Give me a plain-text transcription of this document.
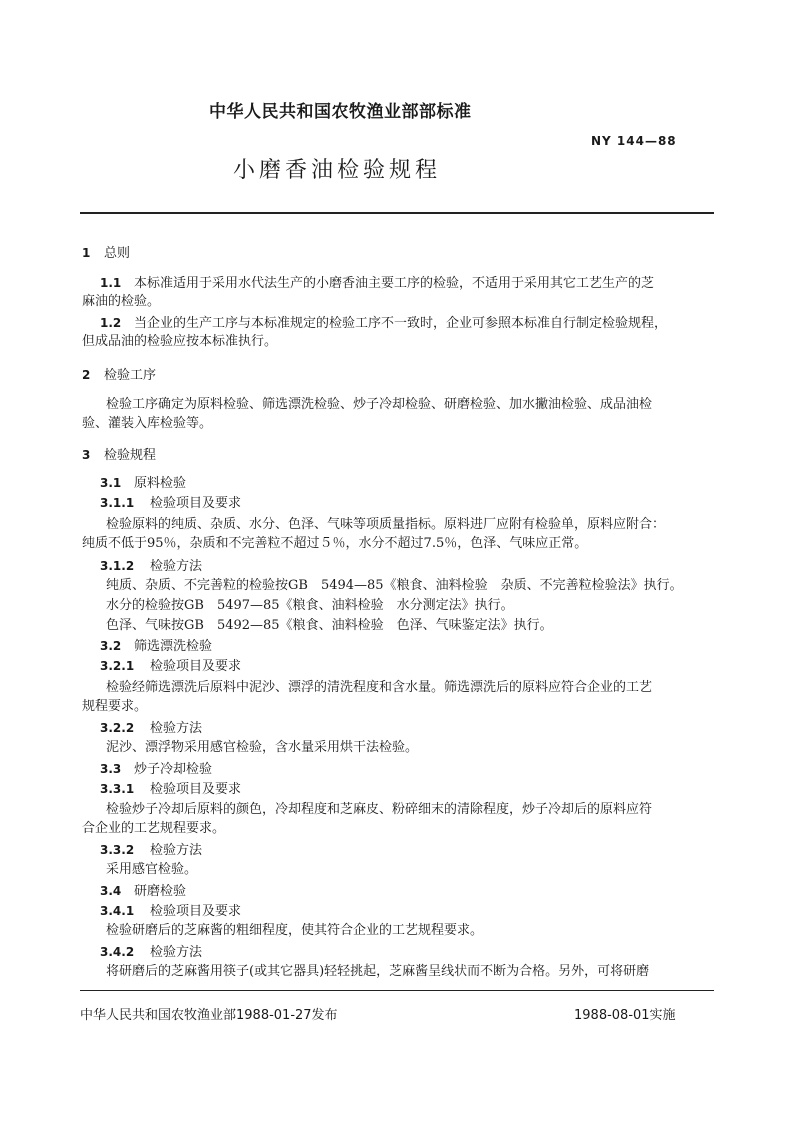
中华人民共和国农牧渔业部部标准
NY 144—88
小磨香油检验规程
1 总则
1.1 本标准适用于采用水代法生产的小磨香油主要工序的检验，不适用于采用其它工艺生产的芝
麻油的检验。
1.2 当企业的生产工序与本标准规定的检验工序不一致时，企业可参照本标准自行制定检验规程，
但成品油的检验应按本标准执行。
2 检验工序
检验工序确定为原料检验、筛选漂洗检验、炒子冷却检验、研磨检验、加水撇油检验、成品油检
验、灌装入库检验等。
3 检验规程
3.1 原料检验
3.1.1 检验项目及要求
检验原料的纯质、杂质、水分、色泽、气味等项质量指标。原料进厂应附有检验单，原料应附合：
纯质不低于95％，杂质和不完善粒不超过５％，水分不超过7.5％，色泽、气味应正常。
3.1.2 检验方法
纯质、杂质、不完善粒的检验按GB　5494—85《粮食、油料检验　杂质、不完善粒检验法》执行。
水分的检验按GB　5497—85《粮食、油料检验　水分测定法》执行。
色泽、气味按GB　5492—85《粮食、油料检验　色泽、气味鉴定法》执行。
3.2 筛选漂洗检验
3.2.1 检验项目及要求
检验经筛选漂洗后原料中泥沙、漂浮的清洗程度和含水量。筛选漂洗后的原料应符合企业的工艺
规程要求。
3.2.2 检验方法
泥沙、漂浮物采用感官检验，含水量采用烘干法检验。
3.3 炒子冷却检验
3.3.1 检验项目及要求
检验炒子冷却后原料的颜色，冷却程度和芝麻皮、粉碎细末的清除程度，炒子冷却后的原料应符
合企业的工艺规程要求。
3.3.2 检验方法
采用感官检验。
3.4 研磨检验
3.4.1 检验项目及要求
检验研磨后的芝麻酱的粗细程度，使其符合企业的工艺规程要求。
3.4.2 检验方法
将研磨后的芝麻酱用筷子(或其它器具)轻轻挑起，芝麻酱呈线状而不断为合格。另外，可将研磨
中华人民共和国农牧渔业部1988-01-27发布	1988-08-01实施
